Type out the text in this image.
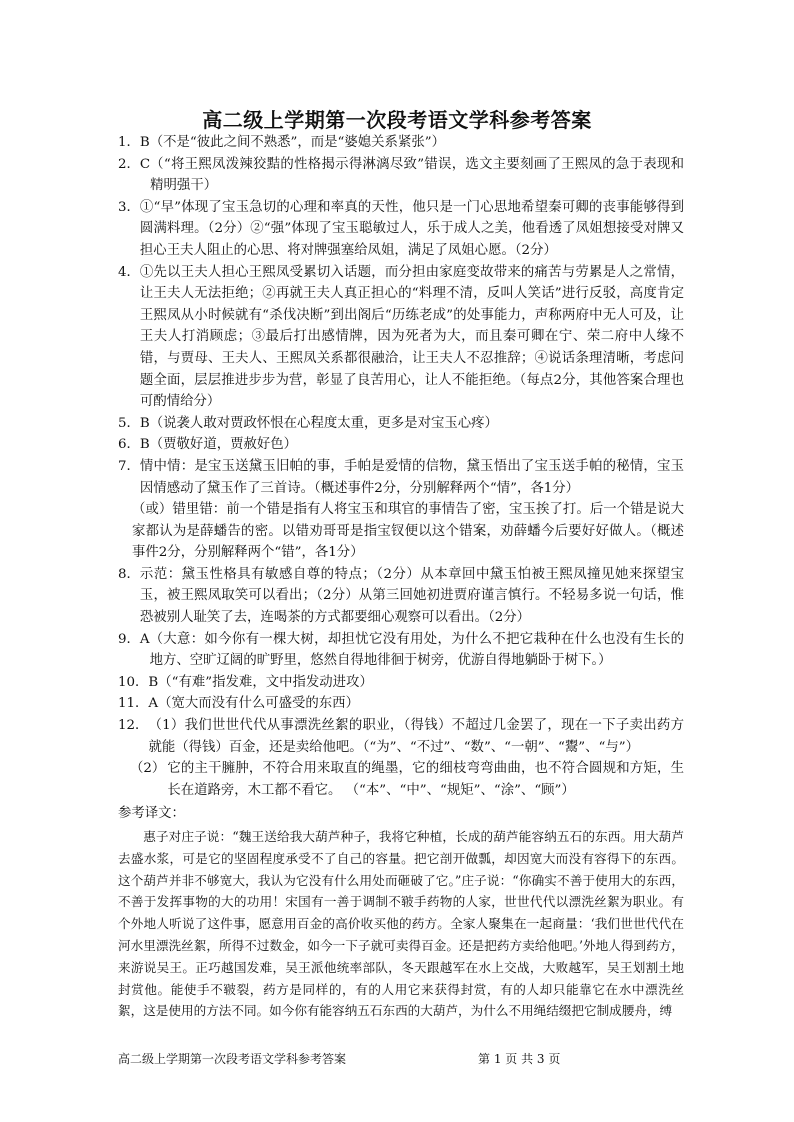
高二级上学期第一次段考语文学科参考答案
1．B （不是“彼此之间不熟悉”，而是“婆媳关系紧张”）
2．C （“将王熙凤泼辣狡黠的性格揭示得淋漓尽致”错误，选文主要刻画了王熙凤的急于表现和精明强干）
3． ①“早”体现了宝玉急切的心理和率真的天性，他只是一门心思地希望秦可卿的丧事能够得到圆满料理。（2分）②“强”体现了宝玉聪敏过人，乐于成人之美，他看透了凤姐想接受对牌又担心王夫人阻止的心思、将对牌强塞给凤姐，满足了凤姐心愿。（2分）
4． ①先以王夫人担心王熙凤受累切入话题，而分担由家庭变故带来的痛苦与劳累是人之常情，让王夫人无法拒绝；②再就王夫人真正担心的“料理不清，反叫人笑话”进行反驳，高度肯定王熙凤从小时候就有“杀伐决断”到出阁后“历练老成”的处事能力，声称两府中无人可及，让王夫人打消顾虑；③最后打出感情牌，因为死者为大，而且秦可卿在宁、荣二府中人缘不错，与贾母、王夫人、王熙凤关系都很融洽，让王夫人不忍推辞；④说话条理清晰，考虑问题全面，层层推进步步为营，彰显了良苦用心，让人不能拒绝。（每点2分，其他答案合理也可酌情给分）
5．B （说袭人敢对贾政怀恨在心程度太重，更多是对宝玉心疼）
6．B （贾敬好道，贾赦好色）
7． 情中情：是宝玉送黛玉旧帕的事，手帕是爱情的信物，黛玉悟出了宝玉送手帕的秘情，宝玉因情感动了黛玉作了三首诗。（概述事件2分，分别解释两个“情”，各1分）
（或）错里错：前一个错是指有人将宝玉和琪官的事情告了密，宝玉挨了打。后一个错是说大家都认为是薛蟠告的密。以错劝哥哥是指宝钗便以这个错案，劝薛蟠今后要好好做人。（概述事件2分，分别解释两个“错”，各1分）
8． 示范：黛玉性格具有敏感自尊的特点；（2分）从本章回中黛玉怕被王熙凤撞见她来探望宝玉，被王熙凤取笑可以看出；（2分）从第三回她初进贾府谨言慎行。不轻易多说一句话，惟恐被别人耻笑了去，连喝茶的方式都要细心观察可以看出。（2分）
9．A （大意：如今你有一棵大树，却担忧它没有用处，为什么不把它栽种在什么也没有生长的地方、空旷辽阔的旷野里，悠然自得地徘徊于树旁，优游自得地躺卧于树下。）
10．B （“有难”指发难，文中指发动进攻）
11．A （宽大而没有什么可盛受的东西）
12． （1）我们世世代代从事漂洗丝絮的职业，（得钱）不超过几金罢了，现在一下子卖出药方就能（得钱）百金，还是卖给他吧。（“为”、“不过”、“数”、“一朝”、“鬻”、“与”）
（2） 它的主干臃肿，不符合用来取直的绳墨，它的细枝弯弯曲曲，也不符合圆规和方矩，生长在道路旁，木工都不看它。 （“本”、“中”、“规矩”、“涂”、“顾”）
参考译文：
惠子对庄子说：“魏王送给我大葫芦种子，我将它种植，长成的葫芦能容纳五石的东西。用大葫芦去盛水浆，可是它的坚固程度承受不了自己的容量。把它剖开做瓢，却因宽大而没有容得下的东西。这个葫芦并非不够宽大，我认为它没有什么用处而砸破了它。”庄子说：“你确实不善于使用大的东西，不善于发挥事物的大的功用！宋国有一善于调制不皲手药物的人家，世世代代以漂洗丝絮为职业。有个外地人听说了这件事，愿意用百金的高价收买他的药方。全家人聚集在一起商量：‘我们世世代代在河水里漂洗丝絮，所得不过数金，如今一下子就可卖得百金。还是把药方卖给他吧。’外地人得到药方，来游说吴王。正巧越国发难，吴王派他统率部队，冬天跟越军在水上交战，大败越军，吴王划割土地封赏他。能使手不皲裂，药方是同样的，有的人用它来获得封赏，有的人却只能靠它在水中漂洗丝絮，这是使用的方法不同。如今你有能容纳五石东西的大葫芦，为什么不用绳结缀把它制成腰舟，缚
高二级上学期第一次段考语文学科参考答案	第 1 页 共 3 页
